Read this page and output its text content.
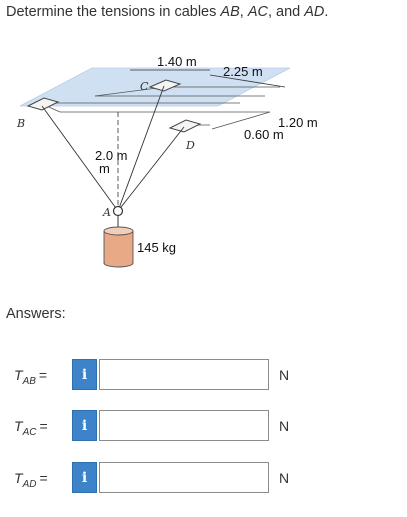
Determine the tensions in cables AB, AC, and AD.
1.40 m
2.25 m
1.20 m
0.60 m
B
C
D
A
2.0 m
m
145 kg
Answers:
$T_{AB}$ =	i	N
$T_{AC}$ =	i	N
$T_{AD}$ =	i	N
